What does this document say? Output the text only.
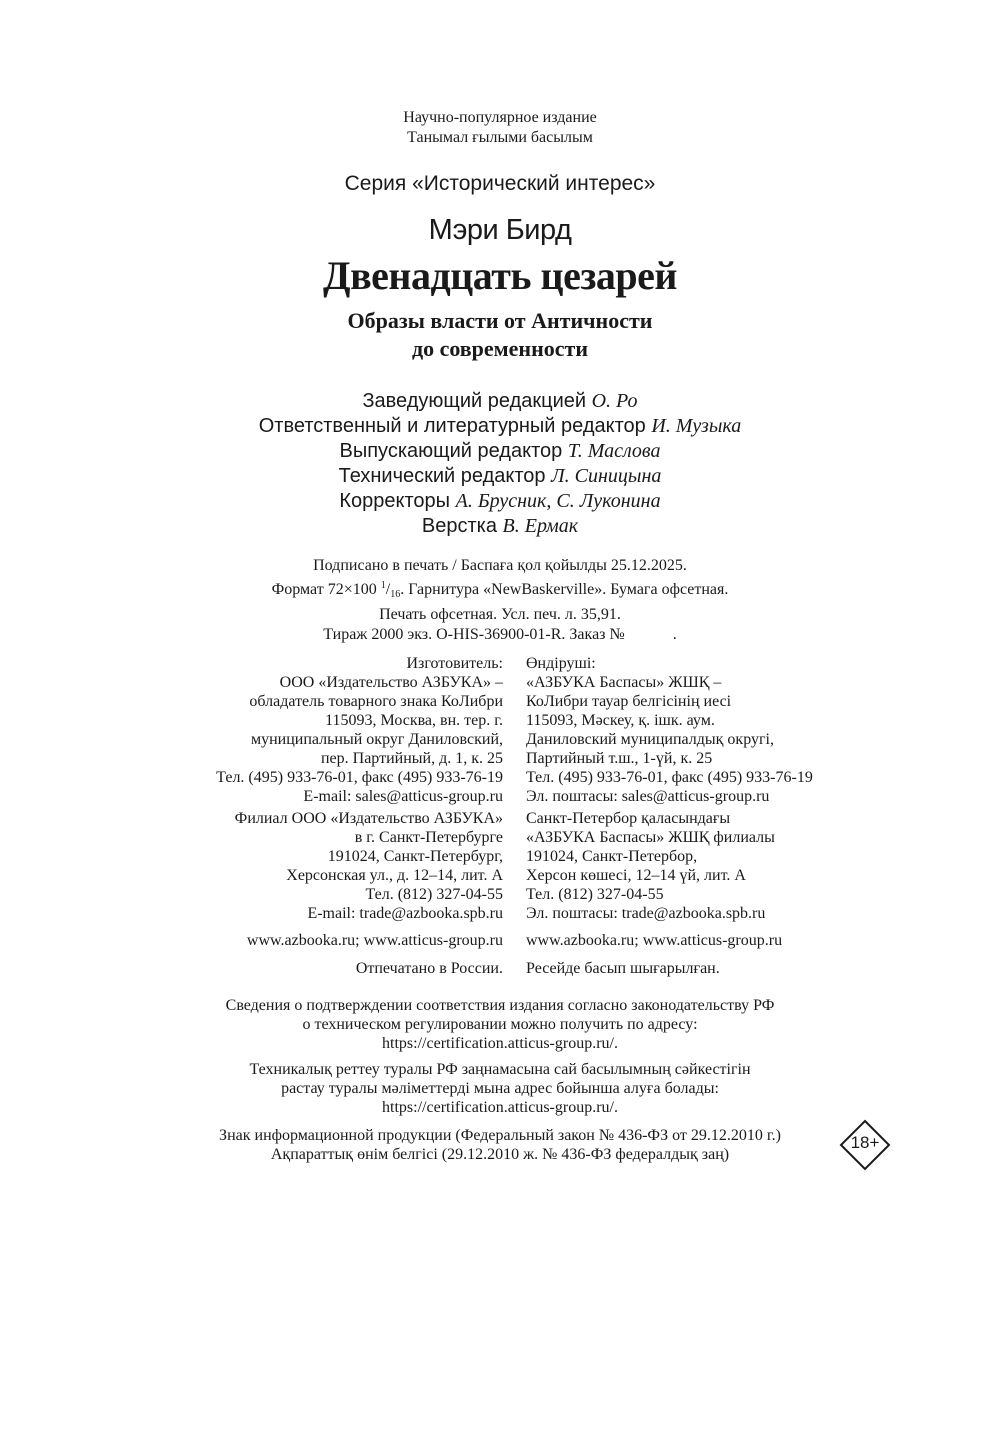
Научно-популярное издание
Танымал ғылыми басылым
Серия «Исторический интерес»
Мэри Бирд
Двенадцать цезарей
Образы власти от Античности
до современности
Заведующий редакцией О. Ро
Ответственный и литературный редактор И. Музыка
Выпускающий редактор Т. Маслова
Технический редактор Л. Синицына
Корректоры А. Брусник, С. Луконина
Верстка В. Ермак
Подписано в печать / Баспаға қол қойылды 25.12.2025.
Формат 72×100 $^1/_{16}$. Гарнитура «NewBaskerville». Бумага офсетная.
Печать офсетная. Усл. печ. л. 35,91.
Тираж 2000 экз. O-HIS-36900-01-R. Заказ №            .
Изготовитель:
ООО «Издательство АЗБУКА» –
обладатель товарного знака КоЛибри
115093, Москва, вн. тер. г.
муниципальный округ Даниловский,
пер. Партийный, д. 1, к. 25
Тел. (495) 933-76-01, факс (495) 933-76-19
E-mail: sales@atticus-group.ru
Өндіруші:
«АЗБУКА Баспасы» ЖШҚ –
КоЛибри тауар белгісінің иесі
115093, Мәскеу, қ. ішк. аум.
Даниловский муниципалдық округі,
Партийный т.ш., 1-үй, к. 25
Тел. (495) 933-76-01, факс (495) 933-76-19
Эл. поштасы: sales@atticus-group.ru
Филиал ООО «Издательство АЗБУКА»
в г. Санкт-Петербурге
191024, Санкт-Петербург,
Херсонская ул., д. 12–14, лит. А
Тел. (812) 327-04-55
E-mail: trade@azbooka.spb.ru
Санкт-Петербор қаласындағы
«АЗБУКА Баспасы» ЖШҚ филиалы
191024, Санкт-Петербор,
Херсон көшесі, 12–14 үй, лит. А
Тел. (812) 327-04-55
Эл. поштасы: trade@azbooka.spb.ru
www.azbooka.ru; www.atticus-group.ru www.azbooka.ru; www.atticus-group.ru
Отпечатано в России. Ресейде басып шығарылған.
Сведения о подтверждении соответствия издания согласно законодательству РФ
о техническом регулировании можно получить по адресу:
https://certification.atticus-group.ru/.
Техникалық реттеу туралы РФ заңнамасына сай басылымның сәйкестігін
растау туралы мәліметтерді мына адрес бойынша алуға болады:
https://certification.atticus-group.ru/.
Знак информационной продукции (Федеральный закон № 436-ФЗ от 29.12.2010 г.)
Ақпараттық өнім белгісі (29.12.2010 ж. № 436-ФЗ федералдық заң)
18+
